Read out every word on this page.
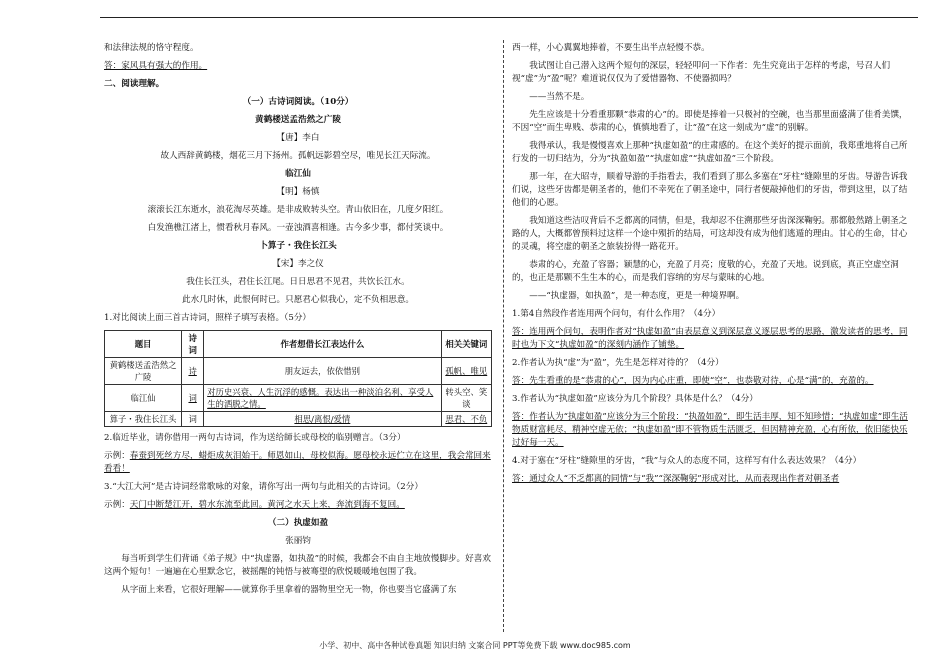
和法律法规的恪守程度。

答：家风具有强大的作用。

二、阅读理解。

（一）古诗词阅读。（10分）

黄鹤楼送孟浩然之广陵

【唐】李白

故人西辞黄鹤楼，烟花三月下扬州。孤帆远影碧空尽，唯见长江天际流。

临江仙

【明】杨慎

滚滚长江东逝水，浪花淘尽英雄。是非成败转头空。青山依旧在，几度夕阳红。

白发渔樵江渚上，惯看秋月春风。一壶浊酒喜相逢。古今多少事，都付笑谈中。

卜算子・我住长江头

【宋】李之仪

我住长江头，君住长江尾。日日思君不见君，共饮长江水。

此水几时休，此恨何时已。只愿君心似我心，定不负相思意。

1.对比阅读上面三首古诗词，照样子填写表格。（5分）

题目	诗词	作者想借长江表达什么	相关关键词
黄鹤楼送孟浩然之广陵	诗	朋友远去，依依惜别	孤帆、唯见
临江仙	词	对历史兴衰、人生沉浮的感慨。表达出一种淡泊名利、享受人生的洒脱之情。	转头空、笑谈
算子・我住长江头	词	相思/离恨/爱情	思君、不负

2.临近毕业，请你借用一两句古诗词，作为送给師长或母校的临别赠言。（3分）

示例：春蚕到死丝方尽，蜡炬成灰泪始干。师恩如山，母校似海。愿母校永远伫立在这里，我会常回来看看！

3.“大江大河”是古诗词经常歌咏的对象，请你写出一两句与此相关的古诗词。（2分）

示例：天门中断楚江开，碧水东流至此回。黄河之水天上来，奔流到海不复回。

（二）执虚如盈

张丽钧

每当听到学生们背诵《弟子规》中“执虚器，如执盈”的时候，我都会不由自主地放慢脚步。好喜欢这两个短句！一遍遍在心里默念它，被摇醒的钝悟与被骞望的欣悦暖暖地包围了我。

从字面上来看，它很好理解——就算你手里拿着的器物里空无一物，你也要当它盛满了东

西一样，小心翼翼地捧着，不要生出半点轻慢不恭。

我试图让自己潜入这两个短句的深层，轻轻叩问一下作者：先生究竟出于怎样的考虑，号召人们视“虚”为“盈”呢？难道说仅仅为了爱惜器物、不使器损吗？

——当然不是。

先生应该是十分看重那颗“恭肃的心”的。即使是捧着一只极衬的空碗，也当那里面盛满了佳肴美馔，不因“空”而生卑贱、恭肃的心，慎慎地看了，让“盈”在这一刻成为“虚”的别解。

我得承认，我是慢慢喜欢上那种“执虚如盈”的庄肃感的。在这个美好的提示面前，我郑重地将自己所行发的一切归结为，分为“执盈如盈”“执虚如虚”“执虚如盈”三个阶段。

那一年，在大昭寺，顺着导游的手指看去，我们看到了那么多塞在“牙柱”缝隙里的牙齿。导游告诉我们说，这些牙齿都是朝圣者的，他们不幸死在了朝圣途中，同行者便敲掉他们的牙齿，带到这里，以了结他们的心愿。

我知道这些洁叹背后不乏都离的同情，但是，我却忍不住溯那些牙齿深深鞠躬。那都般然踏上朝圣之路的人，大概都曾预料过这样一个途中殒折的结局，可这却没有成为他们逃遁的理由。甘心的生命，甘心的灵魂，将空虚的朝圣之旅装扮得一路花开。

恭肃的心，充盈了容器；颖慧的心，充盈了月亮；度敬的心，充盈了天地。说到底，真正空虚空洞的，也正是那颗不生生本的心，而是我们容纳的穷尽与蒙昧的心地。

——“执虚器，如执盈”，是一种态度，更是一种境界啊。

1.第4自然段作者连用两个问句，有什么作用？（4分）

答：连用两个问句，表明作者对“执虚如盈”由表层意义到深层意义逐层思考的思路，激发读者的思考，同时也为下文“执虚如盈”的深刻内涵作了铺垫。

2.作者认为执“虚”为“盈”，先生是怎样对待的？（4分）

答：先生看重的是“恭肃的心”，因为内心庄重，即使“空”，也恭敬对待，心是“满”的，充盈的。

3.作者认为“执虚如盈”应该分为几个阶段？具体是什么？（4分）

答：作者认为“执虚如盈”应该分为三个阶段：“执盈如盈”，即生活丰厚，知不知珍惜；“执虚如虚”即生活物质财富耗尽，精神空虚无依；“执虚如盈”即不管物质生活匮乏，但因精神充盈，心有所依，依旧能快乐过好每一天。

4.对于塞在“牙柱”缝隙里的牙齿，“我”与众人的态度不同，这样写有什么表达效果？（4分）

答：通过众人“不乏都离的同情”与“我”“深深鞠躬”形成对比，从而表现出作者对朝圣者

小学、初中、高中各种试卷真题 知识归纳 文案合同 PPT等免费下载 www.doc985.com
